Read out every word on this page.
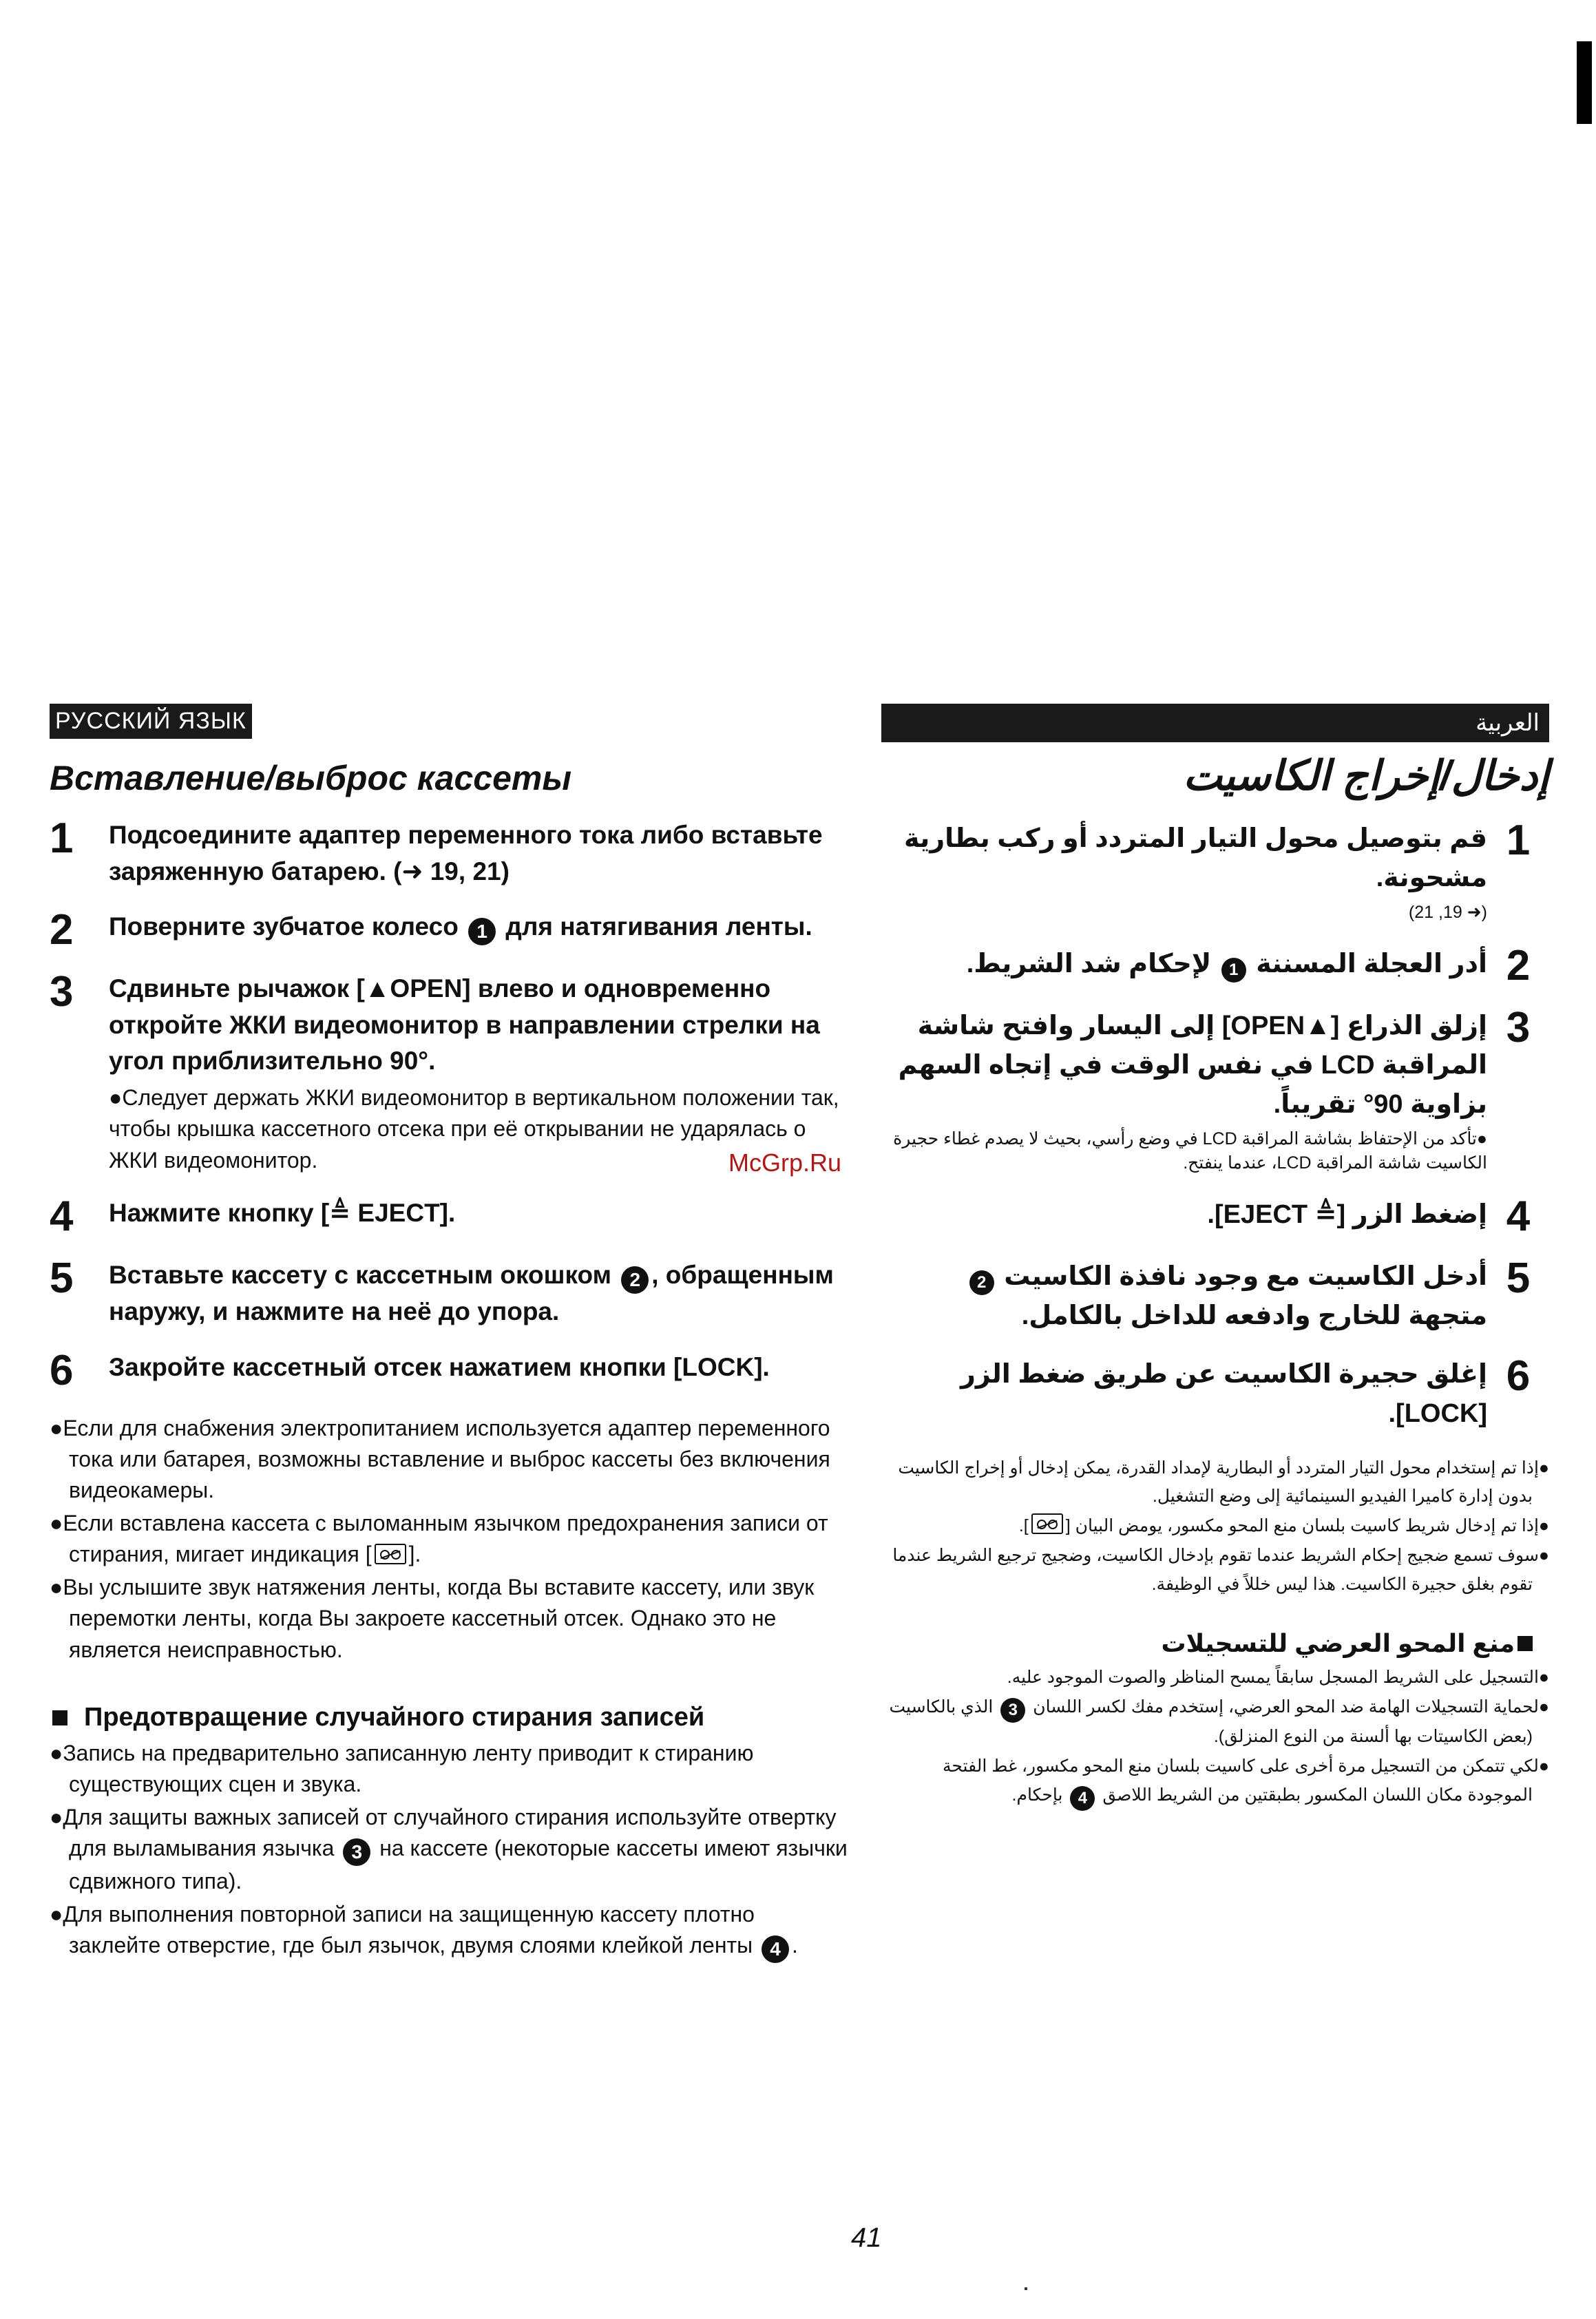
РУССКИЙ ЯЗЫК
Вставление/выброс кассеты
1	Подсоедините адаптер переменного тока либо вставьте заряженную батарею. (➜ 19, 21)
2	Поверните зубчатое колесо 1 для натягивания ленты.
3	Сдвиньте рычажок [▲OPEN] влево и одновременно откройте ЖКИ видеомонитор в направлении стрелки на угол приблизительно 90°.
●Следует держать ЖКИ видеомонитор в вертикальном положении так, чтобы крышка кассетного отсека при её открывании не ударялась о ЖКИ видеомонитор.
4	Нажмите кнопку [≜ EJECT].
5	Вставьте кассету с кассетным окошком 2 , обращенным наружу, и нажмите на неё до упора.
6	Закройте кассетный отсек нажатием кнопки [LOCK].
●Если для снабжения электропитанием используется адаптер переменного тока или батарея, возможны вставление и выброс кассеты без включения видеокамеры.
●Если вставлена кассета с выломанным язычком предохранения записи от стирания, мигает индикация [ ].
●Вы услышите звук натяжения ленты, когда Вы вставите кассету, или звук перемотки ленты, когда Вы закроете кассетный отсек. Однако это не является неисправностью.
Предотвращение случайного стирания записей
●Запись на предварительно записанную ленту приводит к стиранию существующих сцен и звука.
●Для защиты важных записей от случайного стирания используйте отвертку для выламывания язычка 3 на кассете (некоторые кассеты имеют язычки сдвижного типа).
●Для выполнения повторной записи на защищенную кассету плотно заклейте отверстие, где был язычок, двумя слоями клейкой ленты 4 .
العربية
إدخال/إخراج الكاسيت
1
قم بتوصيل محول التيار المتردد أو ركب بطارية مشحونة.
(➜ 19, 21)
2
أدر العجلة المسننة 1 لإحكام شد الشريط.
3
إزلق الذراع [▲OPEN] إلى اليسار وافتح شاشة المراقبة LCD في نفس الوقت في إتجاه السهم بزاوية 90° تقريباً.
●تأكد من الإحتفاظ بشاشة المراقبة LCD في وضع رأسي، بحيث لا يصدم غطاء حجيرة الكاسيت شاشة المراقبة LCD، عندما ينفتح.
4
إضغط الزر [≜ EJECT].
5
أدخل الكاسيت مع وجود نافذة الكاسيت 2 متجهة للخارج وادفعه للداخل بالكامل.
6
إغلق حجيرة الكاسيت عن طريق ضغط الزر [LOCK].
●إذا تم إستخدام محول التيار المتردد أو البطارية لإمداد القدرة، يمكن إدخال أو إخراج الكاسيت بدون إدارة كاميرا الفيديو السينمائية إلى وضع التشغيل.
●إذا تم إدخال شريط كاسيت بلسان منع المحو مكسور، يومض البيان [
].
●سوف تسمع ضجيج إحكام الشريط عندما تقوم بإدخال الكاسيت، وضجيج ترجيع الشريط عندما تقوم بغلق حجيرة الكاسيت. هذا ليس خللاً في الوظيفة.
منع المحو العرضي للتسجيلات
●التسجيل على الشريط المسجل سابقاً يمسح المناظر والصوت الموجود عليه.
●لحماية التسجيلات الهامة ضد المحو العرضي، إستخدم مفك لكسر اللسان 3 الذي بالكاسيت (بعض الكاسيتات بها ألسنة من النوع المنزلق).
●لكي تتمكن من التسجيل مرة أخرى على كاسيت بلسان منع المحو مكسور، غط الفتحة الموجودة مكان اللسان المكسور بطبقتين من الشريط اللاصق 4 بإحكام.
McGrp.Ru
41
